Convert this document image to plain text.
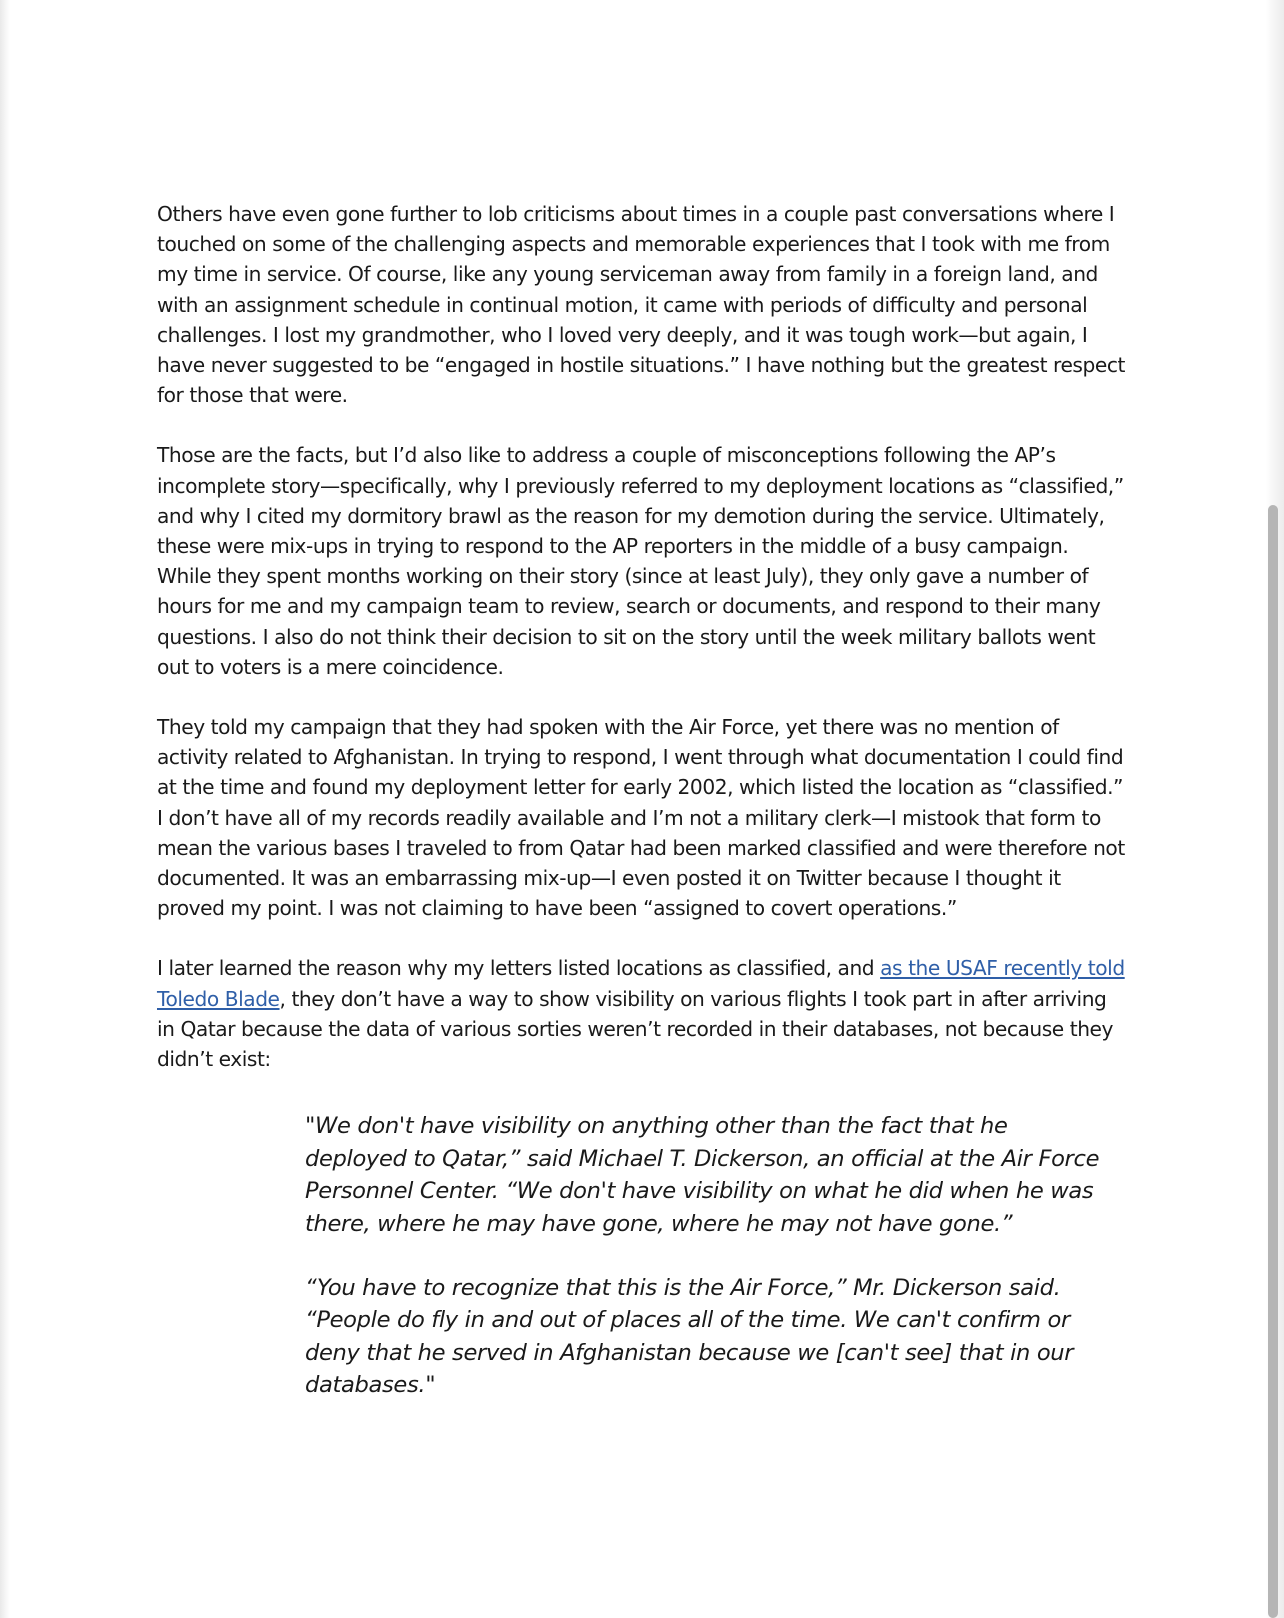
Others have even gone further to lob criticisms about times in a couple past conversations where I touched on some of the challenging aspects and memorable experiences that I took with me from my time in service. Of course, like any young serviceman away from family in a foreign land, and with an assignment schedule in continual motion, it came with periods of difficulty and personal challenges. I lost my grandmother, who I loved very deeply, and it was tough work—but again, I have never suggested to be “engaged in hostile situations.” I have nothing but the greatest respect for those that were.

Those are the facts, but I’d also like to address a couple of misconceptions following the AP’s incomplete story—specifically, why I previously referred to my deployment locations as “classified,” and why I cited my dormitory brawl as the reason for my demotion during the service. Ultimately, these were mix-ups in trying to respond to the AP reporters in the middle of a busy campaign. While they spent months working on their story (since at least July), they only gave a number of hours for me and my campaign team to review, search or documents, and respond to their many questions. I also do not think their decision to sit on the story until the week military ballots went out to voters is a mere coincidence.

They told my campaign that they had spoken with the Air Force, yet there was no mention of activity related to Afghanistan. In trying to respond, I went through what documentation I could find at the time and found my deployment letter for early 2002, which listed the location as “classified.” I don’t have all of my records readily available and I’m not a military clerk—I mistook that form to mean the various bases I traveled to from Qatar had been marked classified and were therefore not documented. It was an embarrassing mix-up—I even posted it on Twitter because I thought it proved my point. I was not claiming to have been “assigned to covert operations.”

I later learned the reason why my letters listed locations as classified, and as the USAF recently told Toledo Blade, they don’t have a way to show visibility on various flights I took part in after arriving in Qatar because the data of various sorties weren’t recorded in their databases, not because they didn’t exist:

"We don't have visibility on anything other than the fact that he deployed to Qatar,” said Michael T. Dickerson, an official at the Air Force Personnel Center. “We don't have visibility on what he did when he was there, where he may have gone, where he may not have gone.”

“You have to recognize that this is the Air Force,” Mr. Dickerson said. “People do fly in and out of places all of the time. We can't confirm or deny that he served in Afghanistan because we [can't see] that in our databases."
